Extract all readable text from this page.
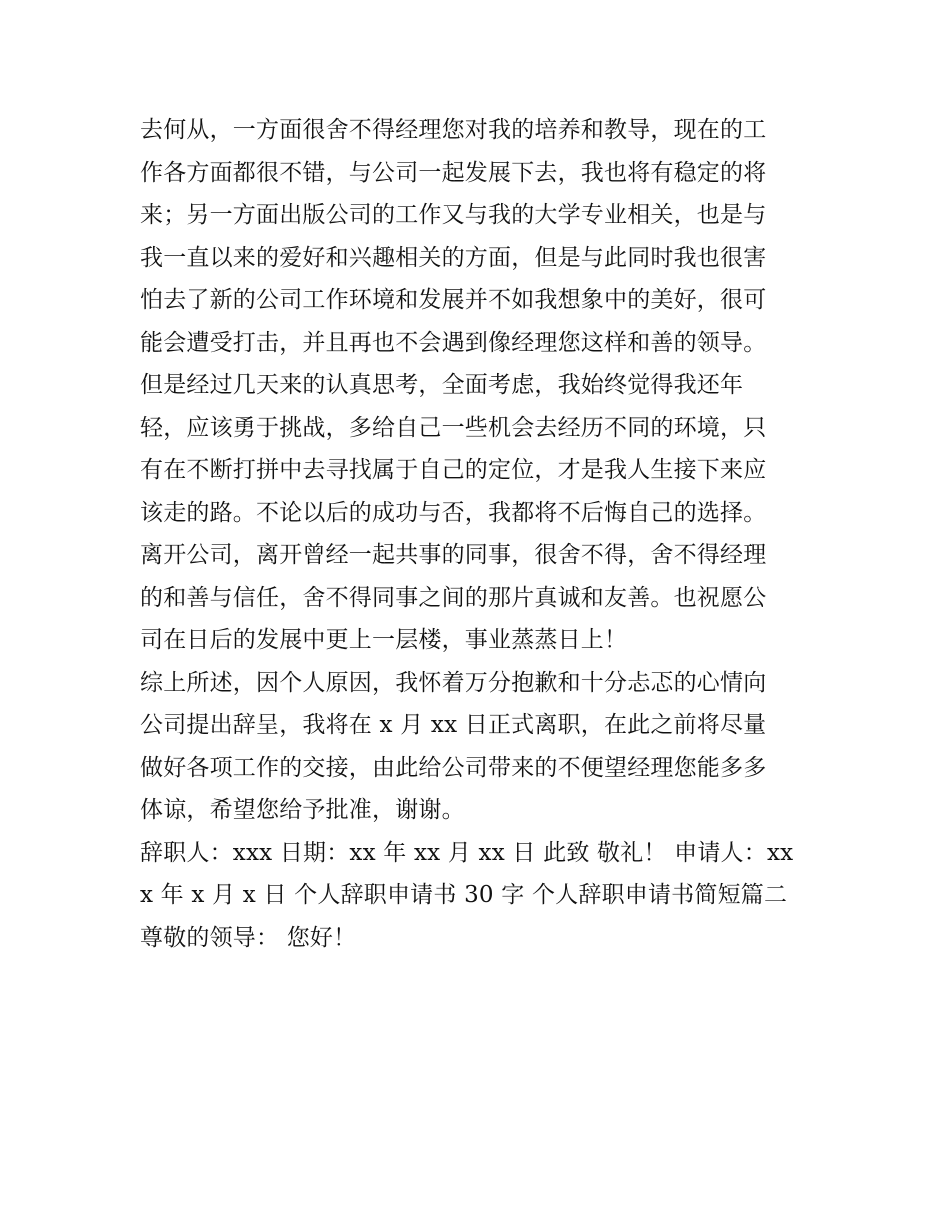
去何从，一方面很舍不得经理您对我的培养和教导，现在的工
作各方面都很不错，与公司一起发展下去，我也将有稳定的将
来；另一方面出版公司的工作又与我的大学专业相关，也是与
我一直以来的爱好和兴趣相关的方面，但是与此同时我也很害
怕去了新的公司工作环境和发展并不如我想象中的美好，很可
能会遭受打击，并且再也不会遇到像经理您这样和善的领导。
但是经过几天来的认真思考，全面考虑，我始终觉得我还年
轻，应该勇于挑战，多给自己一些机会去经历不同的环境，只
有在不断打拼中去寻找属于自己的定位，才是我人生接下来应
该走的路。不论以后的成功与否，我都将不后悔自己的选择。
离开公司，离开曾经一起共事的同事，很舍不得，舍不得经理
的和善与信任，舍不得同事之间的那片真诚和友善。也祝愿公
司在日后的发展中更上一层楼，事业蒸蒸日上！
综上所述，因个人原因，我怀着万分抱歉和十分忐忑的心情向
公司提出辞呈，我将在 x 月 xx 日正式离职，在此之前将尽量
做好各项工作的交接，由此给公司带来的不便望经理您能多多
体谅，希望您给予批准，谢谢。
辞职人：xxx 日期：xx 年 xx 月 xx 日 此致 敬礼！ 申请人：xx
x 年 x 月 x 日 个人辞职申请书 30 字 个人辞职申请书简短篇二
尊敬的领导： 您好！
